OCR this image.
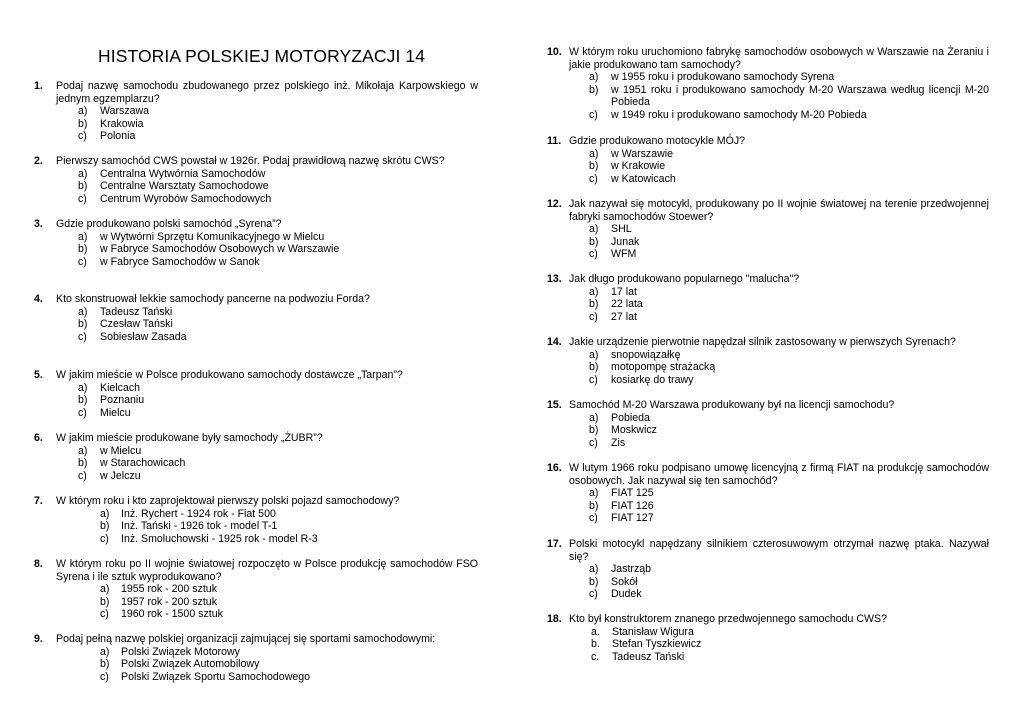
HISTORIA POLSKIEJ MOTORYZACJI 14
1. Podaj nazwę samochodu zbudowanego przez polskiego inż. Mikołaja Karpowskiego w jednym egzemplarzu?
a) Warszawa
b) Krakowia
c) Polonia
2. Pierwszy samochód CWS powstał w 1926r. Podaj prawidłową nazwę skrótu CWS?
a) Centralna Wytwórnia Samochodów
b) Centralne Warsztaty Samochodowe
c) Centrum Wyrobów Samochodowych
3. Gdzie produkowano polski samochód „Syrena”?
a) w Wytwórni Sprzętu Komunikacyjnego w Mielcu
b) w Fabryce Samochodów Osobowych w Warszawie
c) w Fabryce Samochodów w Sanok
4. Kto skonstruował lekkie samochody pancerne na podwoziu Forda?
a) Tadeusz Tański
b) Czesław Tański
c) Sobiesław Zasada
5. W jakim mieście w Polsce produkowano samochody dostawcze „Tarpan”?
a) Kielcach
b) Poznaniu
c) Mielcu
6. W jakim mieście produkowane były samochody „ŻUBR”?
a) w Mielcu
b) w Starachowicach
c) w Jelczu
7. W którym roku i kto zaprojektował pierwszy polski pojazd samochodowy?
a) Inż. Rychert - 1924 rok - Fiat 500
b) Inż. Tański - 1926 tok - model T-1
c) Inż. Smoluchowski - 1925 rok - model R-3
8. W którym roku po II wojnie światowej rozpoczęto w Polsce produkcję samochodów FSO Syrena i ile sztuk wyprodukowano?
a) 1955 rok - 200 sztuk
b) 1957 rok - 200 sztuk
c) 1960 rok - 1500 sztuk
9. Podaj pełną nazwę polskiej organizacji zajmującej się sportami samochodowymi:
a) Polski Związek Motorowy
b) Polski Związek Automobilowy
c) Polski Związek Sportu Samochodowego
10. W którym roku uruchomiono fabrykę samochodów osobowych w Warszawie na Żeraniu i jakie produkowano tam samochody?
a) w 1955 roku i produkowano samochody Syrena
b) w 1951 roku i produkowano samochody M-20 Warszawa według licencji M-20 Pobieda
c) w 1949 roku i produkowano samochody M-20 Pobieda
11. Gdzie produkowano motocykle MÓJ?
a) w Warszawie
b) w Krakowie
c) w Katowicach
12. Jak nazywał się motocykl, produkowany po II wojnie światowej na terenie przedwojennej fabryki samochodów Stoewer?
a) SHL
b) Junak
c) WFM
13. Jak długo produkowano popularnego "malucha"?
a) 17 lat
b) 22 lata
c) 27 lat
14. Jakie urządzenie pierwotnie napędzał silnik zastosowany w pierwszych Syrenach?
a) snopowiązałkę
b) motopompę strażacką
c) kosiarkę do trawy
15. Samochód M-20 Warszawa produkowany był na licencji samochodu?
a) Pobieda
b) Moskwicz
c) Zis
16. W lutym 1966 roku podpisano umowę licencyjną z firmą FIAT na produkcję samochodów osobowych. Jak nazywał się ten samochód?
a) FIAT 125
b) FIAT 126
c) FIAT 127
17. Polski motocykl napędzany silnikiem czterosuwowym otrzymał nazwę ptaka. Nazywał się?
a) Jastrząb
b) Sokół
c) Dudek
18. Kto był konstruktorem znanego przedwojennego samochodu CWS?
a. Stanisław Wigura
b. Stefan Tyszkiewicz
c. Tadeusz Tański
